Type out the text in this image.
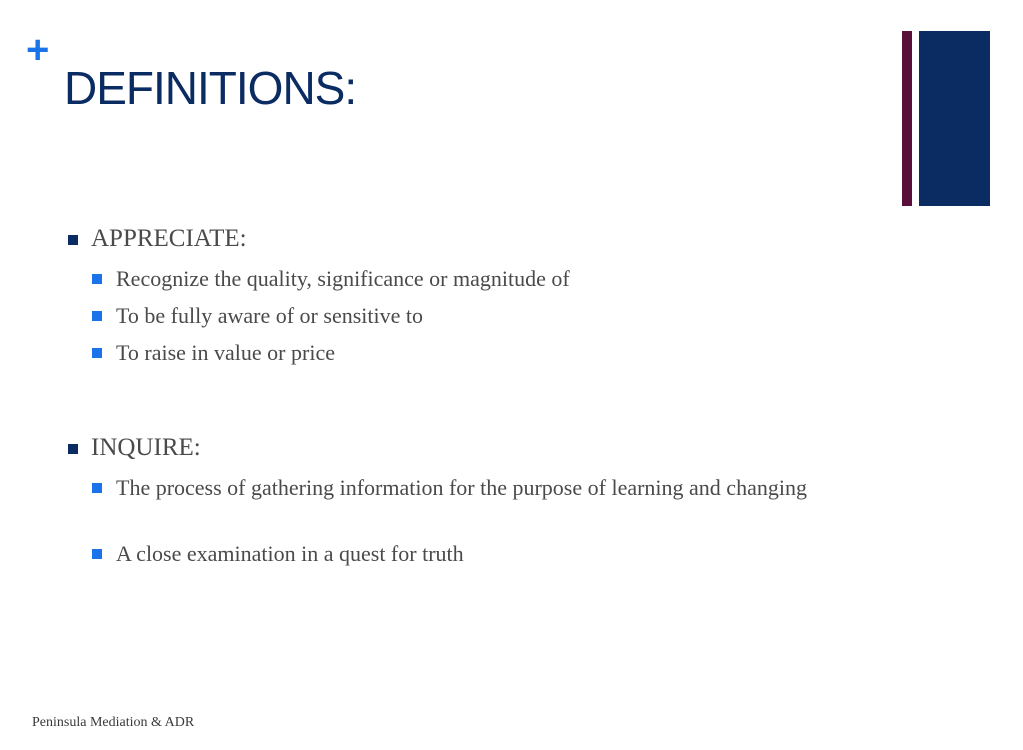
+
DEFINITIONS:
APPRECIATE:
Recognize the quality, significance or magnitude of
To be fully aware of or sensitive to
To raise in value or price
INQUIRE:
The process of gathering information for the purpose of learning and changing
A close examination in a quest for truth
Peninsula Mediation & ADR
